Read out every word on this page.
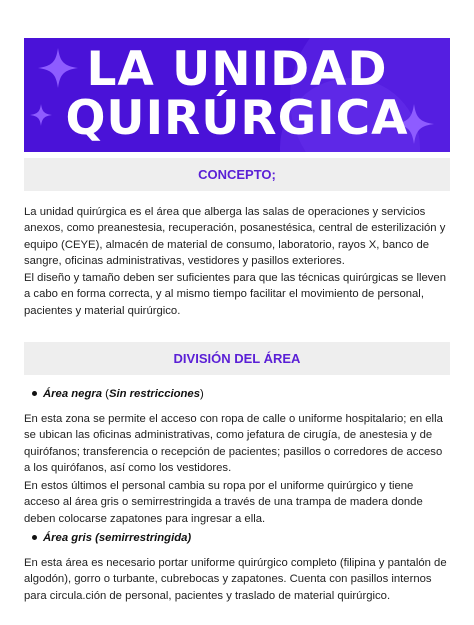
LA UNIDAD
QUIRÚRGICA
CONCEPTO;
La unidad quirúrgica es el área que alberga las salas de operaciones y servicios anexos, como preanestesia, recuperación, posanestésica, central de esterilización y equipo (CEYE), almacén de material de consumo, laboratorio, rayos X, banco de sangre, oficinas administrativas, vestidores y pasillos exteriores.
El diseño y tamaño deben ser suficientes para que las técnicas quirúrgicas se lleven a cabo en forma correcta, y al mismo tiempo facilitar el movimiento de personal, pacientes y material quirúrgico.
DIVISIÓN DEL ÁREA
Área negra (Sin restricciones)
En esta zona se permite el acceso con ropa de calle o uniforme hospitalario; en ella se ubican las oficinas administrativas, como jefatura de cirugía, de anestesia y de quirófanos; transferencia o recepción de pacientes; pasillos o corredores de acceso a los quirófanos, así como los vestidores.
En estos últimos el personal cambia su ropa por el uniforme quirúrgico y tiene acceso al área gris o semirrestringida a través de una trampa de madera donde deben colocarse zapatones para ingresar a ella.
Área gris (semirrestringida)
En esta área es necesario portar uniforme quirúrgico completo (filipina y pantalón de algodón), gorro o turbante, cubrebocas y zapatones. Cuenta con pasillos internos para circula.ción de personal, pacientes y traslado de material quirúrgico.
